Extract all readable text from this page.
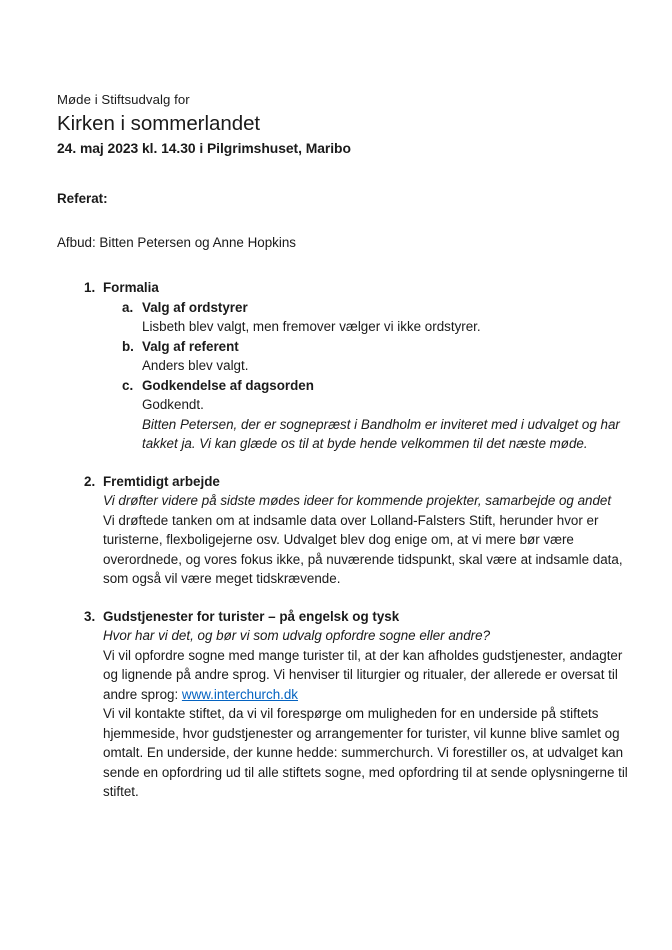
Møde i Stiftsudvalg for
Kirken i sommerlandet
24. maj 2023 kl. 14.30 i Pilgrimshuset, Maribo
Referat:
Afbud: Bitten Petersen og Anne Hopkins
1. Formalia
a. Valg af ordstyrer

Lisbeth blev valgt, men fremover vælger vi ikke ordstyrer.

b. Valg af referent

Anders blev valgt.

c. Godkendelse af dagsorden

Godkendt.

Bitten Petersen, der er sognepræst i Bandholm er inviteret med i udvalget og har takket ja. Vi kan glæde os til at byde hende velkommen til det næste møde.

2. Fremtidigt arbejde

Vi drøfter videre på sidste mødes ideer for kommende projekter, samarbejde og andet

Vi drøftede tanken om at indsamle data over Lolland-Falsters Stift, herunder hvor er turisterne, flexboligejerne osv. Udvalget blev dog enige om, at vi mere bør være overordnede, og vores fokus ikke, på nuværende tidspunkt, skal være at indsamle data, som også vil være meget tidskrævende.

3. Gudstjenester for turister – på engelsk og tysk

Hvor har vi det, og bør vi som udvalg opfordre sogne eller andre?

Vi vil opfordre sogne med mange turister til, at der kan afholdes gudstjenester, andagter og lignende på andre sprog. Vi henviser til liturgier og ritualer, der allerede er oversat til andre sprog: www.interchurch.dk

Vi vil kontakte stiftet, da vi vil forespørge om muligheden for en underside på stiftets hjemmeside, hvor gudstjenester og arrangementer for turister, vil kunne blive samlet og omtalt. En underside, der kunne hedde: summerchurch. Vi forestiller os, at udvalget kan sende en opfordring ud til alle stiftets sogne, med opfordring til at sende oplysningerne til stiftet.
